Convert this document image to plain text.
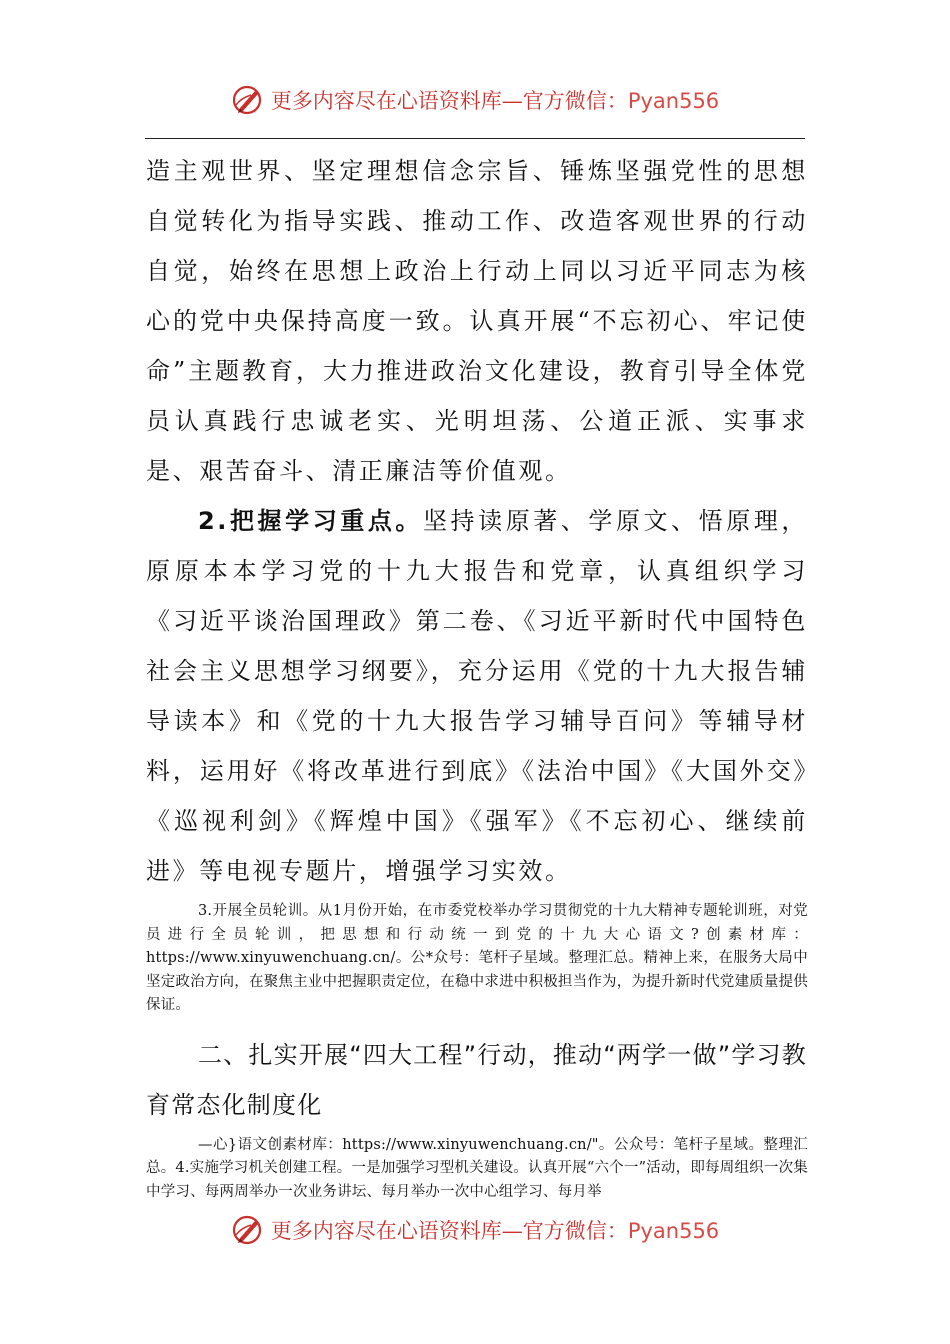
更多内容尽在心语资料库—官方微信：Pyan556

造主观世界、坚定理想信念宗旨、锤炼坚强党性的思想自觉转化为指导实践、推动工作、改造客观世界的行动自觉，始终在思想上政治上行动上同以习近平同志为核心的党中央保持高度一致。认真开展“不忘初心、牢记使命”主题教育，大力推进政治文化建设，教育引导全体党员认真践行忠诚老实、光明坦荡、公道正派、实事求是、艰苦奋斗、清正廉洁等价值观。

2.把握学习重点。坚持读原著、学原文、悟原理，原原本本学习党的十九大报告和党章，认真组织学习《习近平谈治国理政》第二卷、《习近平新时代中国特色社会主义思想学习纲要》，充分运用《党的十九大报告辅导读本》和《党的十九大报告学习辅导百问》等辅导材料，运用好《将改革进行到底》《法治中国》《大国外交》《巡视利剑》《辉煌中国》《强军》《不忘初心、继续前进》等电视专题片，增强学习实效。

3.开展全员轮训。从1月份开始，在市委党校举办学习贯彻党的十九大精神专题轮训班，对党员进行全员轮训，把思想和行动统一到党的十九大心语文?创素材库：https://www.xinyuwenchuang.cn/。公*众号：笔杆子星域。整理汇总。精神上来，在服务大局中坚定政治方向，在聚焦主业中把握职责定位，在稳中求进中积极担当作为，为提升新时代党建质量提供保证。

二、扎实开展“四大工程”行动，推动“两学一做”学习教育常态化制度化

—心}语文创素材库：https://www.xinyuwenchuang.cn/"。公众号：笔杆子星域。整理汇总。4.实施学习机关创建工程。一是加强学习型机关建设。认真开展“六个一”活动，即每周组织一次集中学习、每两周举办一次业务讲坛、每月举办一次中心组学习、每月举

更多内容尽在心语资料库—官方微信：Pyan556
